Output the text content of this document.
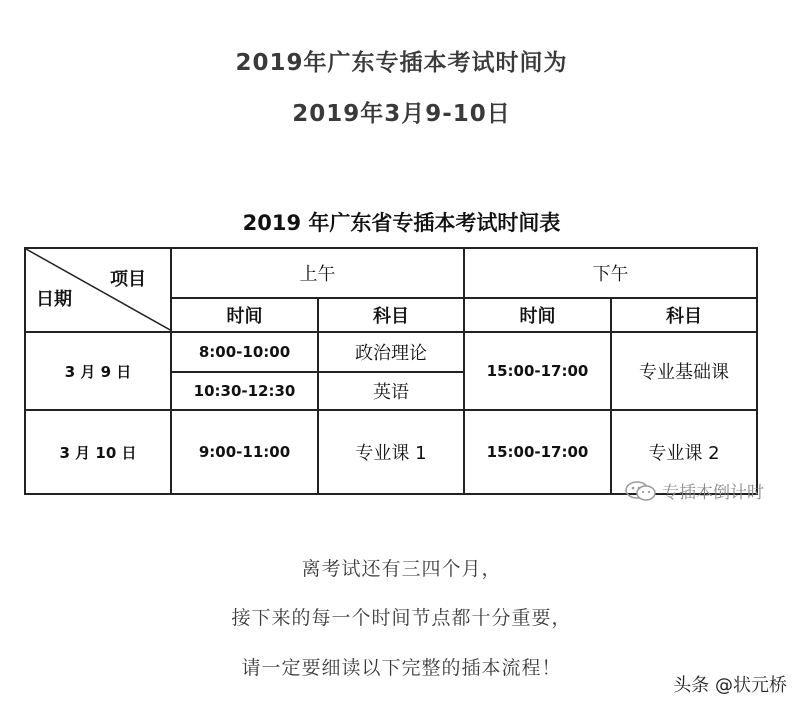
2019年广东专插本考试时间为
2019年3月9-10日
2019 年广东省专插本考试时间表
项目
日期	上午		下午	
	时间	科目	时间	科目
3 月 9 日	8:00-10:00	政治理论	15:00-17:00	专业基础课
	10:30-12:30	英语		
3 月 10 日	9:00-11:00	专业课 1	15:00-17:00	专业课 2
专插本倒计时
离考试还有三四个月，
接下来的每一个时间节点都十分重要，
请一定要细读以下完整的插本流程！
头条 @状元桥
